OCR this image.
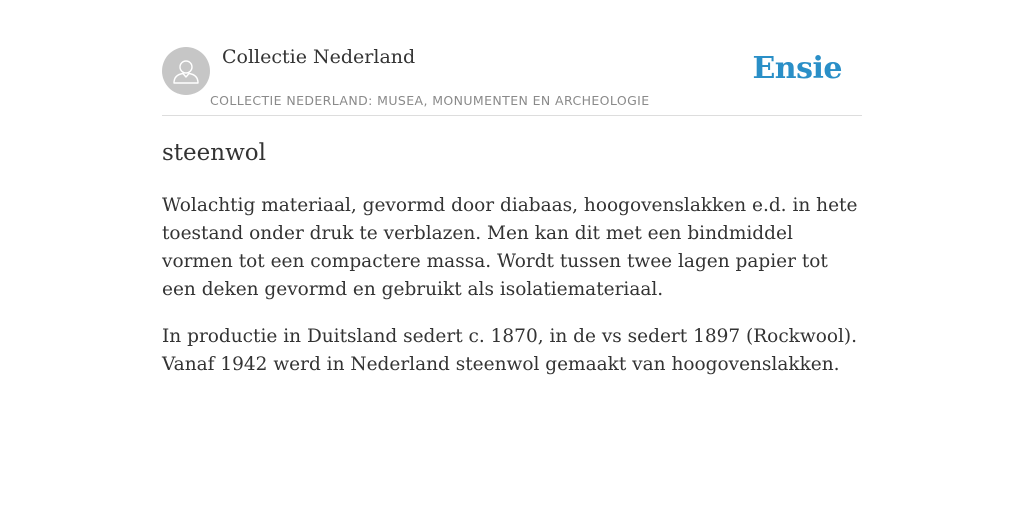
Collectie Nederland
COLLECTIE NEDERLAND: MUSEA, MONUMENTEN EN ARCHEOLOGIE
Ensie
steenwol

Wolachtig materiaal, gevormd door diabaas, hoogovenslakken e.d. in hete toestand onder druk te verblazen. Men kan dit met een bindmiddel vormen tot een compactere massa. Wordt tussen twee lagen papier tot een deken gevormd en gebruikt als isolatiemateriaal.

In productie in Duitsland sedert c. 1870, in de vs sedert 1897 (Rockwool). Vanaf 1942 werd in Nederland steenwol gemaakt van hoogovenslakken.
